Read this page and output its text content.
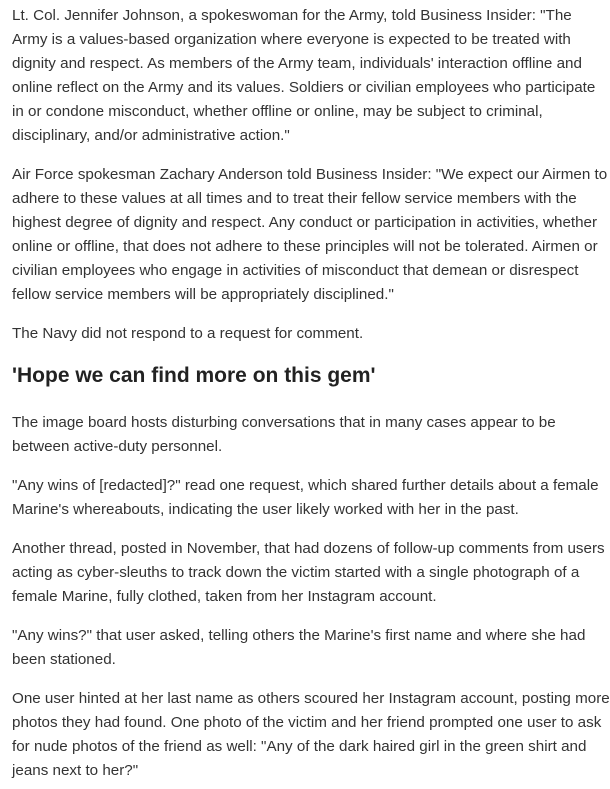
Lt. Col. Jennifer Johnson, a spokeswoman for the Army, told Business Insider: "The Army is a values-based organization where everyone is expected to be treated with dignity and respect. As members of the Army team, individuals' interaction offline and online reflect on the Army and its values. Soldiers or civilian employees who participate in or condone misconduct, whether offline or online, may be subject to criminal, disciplinary, and/or administrative action."

Air Force spokesman Zachary Anderson told Business Insider: "We expect our Airmen to adhere to these values at all times and to treat their fellow service members with the highest degree of dignity and respect. Any conduct or participation in activities, whether online or offline, that does not adhere to these principles will not be tolerated. Airmen or civilian employees who engage in activities of misconduct that demean or disrespect fellow service members will be appropriately disciplined."

The Navy did not respond to a request for comment.

'Hope we can find more on this gem'

The image board hosts disturbing conversations that in many cases appear to be between active-duty personnel.

"Any wins of [redacted]?" read one request, which shared further details about a female Marine's whereabouts, indicating the user likely worked with her in the past.

Another thread, posted in November, that had dozens of follow-up comments from users acting as cyber-sleuths to track down the victim started with a single photograph of a female Marine, fully clothed, taken from her Instagram account.

"Any wins?" that user asked, telling others the Marine's first name and where she had been stationed.

One user hinted at her last name as others scoured her Instagram account, posting more photos they had found. One photo of the victim and her friend prompted one user to ask for nude photos of the friend as well: "Any of the dark haired girl in the green shirt and jeans next to her?"
